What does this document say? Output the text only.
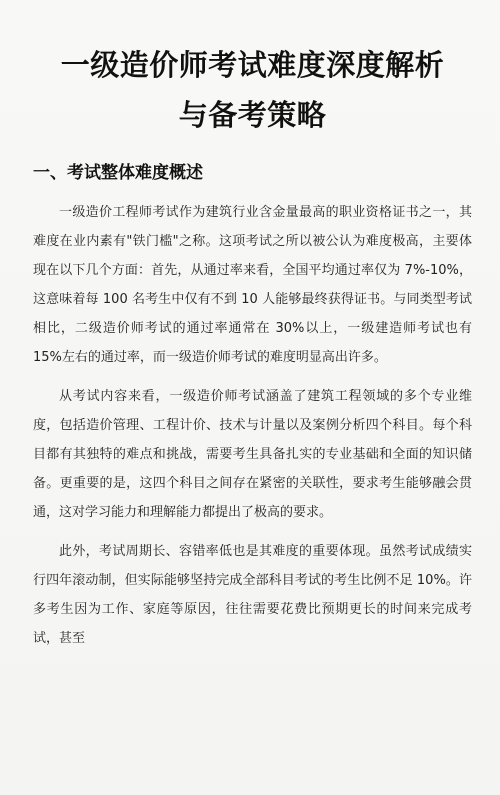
一级造价师考试难度深度解析
与备考策略
一、考试整体难度概述

一级造价工程师考试作为建筑行业含金量最高的职业资格证书之一，其难度在业内素有"铁门槛"之称。这项考试之所以被公认为难度极高，主要体现在以下几个方面：首先，从通过率来看，全国平均通过率仅为 7%-10%，这意味着每 100 名考生中仅有不到 10 人能够最终获得证书。与同类型考试相比，二级造价师考试的通过率通常在 30%以上，一级建造师考试也有 15%左右的通过率，而一级造价师考试的难度明显高出许多。

从考试内容来看，一级造价师考试涵盖了建筑工程领域的多个专业维度，包括造价管理、工程计价、技术与计量以及案例分析四个科目。每个科目都有其独特的难点和挑战，需要考生具备扎实的专业基础和全面的知识储备。更重要的是，这四个科目之间存在紧密的关联性，要求考生能够融会贯通，这对学习能力和理解能力都提出了极高的要求。

此外，考试周期长、容错率低也是其难度的重要体现。虽然考试成绩实行四年滚动制，但实际能够坚持完成全部科目考试的考生比例不足 10%。许多考生因为工作、家庭等原因，往往需要花费比预期更长的时间来完成考试，甚至
